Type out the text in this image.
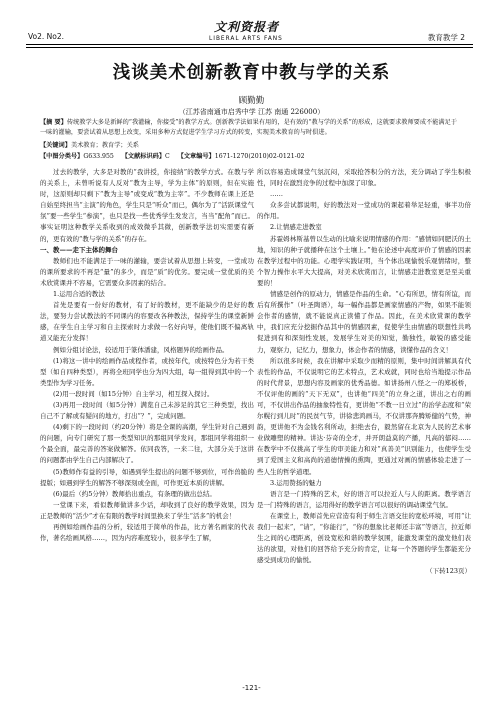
Vo2. No2.
文利资报者
LIBERAL ARTS FANS	教育教学 2
浅谈美术创新教育中教与学的关系
顾勤勤
（江苏省南通市启秀中学 江苏 南通 226000）
【摘 要】传统教学大多是新鲜的“我灌输，你接受”的教学方式。创新教学法如果有用的，是有效的“教与学的关系”的形成，这就要求教师要成不能满足于一味的灌输，要尝试着从思想上改变，采用多种方式促进学生学习方式的转变，实现美术教育的与时俱进。
【关键词】美术教育；教育学；关系
【中图分类号】G633.955 【文献标识码】C 【文章编号】1671-1270(2010)02-0121-02

过去的教学，大多是对教的“我讲授，你接纳”的教学方式。在教与学的关系上，未曾听说有人反对“教为主导，学为主体”的原则，但在实施时，这原则却只剩下“教为主导”或变成“教为主宰”。不少教师在课上还是自始至终担当“主演”的角色，学生只是“听众”而已，偶尔为了“活跃课堂气氛”要一些学生“参演”，也只是找一些优秀学生发发言，当当“配角”而已。事实证明这种教学关系收到的成效微乎其微，创新教学法切实需要有新的，更有效的“教与学的关系”的存在。

一、教——走下主体的舞台

教师们也不能满足于一味的灌输，要尝试着从思想上转变，一堂成功的课所要求的不再是“量”的多少，而是“质”的优劣。要完成一堂优质的美术欣赏课并不容易，它需要众多因素的结合。

1.运用合适的教法

首先是要有一份好的教材，有了好的教材，更不能缺少的是好的教法，要努力尝试教法的不同课内的容要改各种教法，保持学生的课堂新鲜感，在学生自主学习和自主探索时力求做一名好向导，使他们既不偏离轨道又能充分发挥！

例如分组讨论法，较适用于篆体潘建，风格题异的绘画作品。

(1)将这一讲中的绘画作品或程作者，或按年代，或按特色分为若干类型（如自四种类型），再将全班同学也分为四大组，每一组得到其中的一个类型作为学习任务。

(2)用一段时间（如15分钟）自主学习，相互探入探讨。

(3)再用一段时间（如5分钟）满览自己未涉足的其它三种类型，找出自己不了解或有疑问的地方，打出“？”，完成问题。

(4)剩下的一段时间（约20分钟）将是全课的高潮，学生针对自己遇到的问题，向专门研究了那一类型知识的那组同学发问，那组同学将组织一个最全面，最完善的答案做解答。依同我答，一来二往，大部分关于这讲的问题都由学生自己内部解决了。

(5)教师作有益的引导，如遇到学生提出的问题不够到位，可作兽脆的提版；如遇到学生的解答不够深刻或全面，可作更近本质的讲解。

(6)最后（约5分钟）教师拾出重点，有条理的做出总结。

一堂课下来，看似教师做讲多少话，却收到了良好的教学效果，因为正是教师的“活少”才在有限的教学时间里换来了学生“活多”的机会！

再例如绘画作品的分析，较适用于简单的作品，比方著名画家的代表作，著名绘画风格……，因为内容难度较小，很多学生了解，

所以容易造成课堂气氛沉闷，采取抢答积分的方法，充分调动了学生积极性，同时在激烈竞争的过程中加深了印象。

……

众多尝试都说明，好的教法对一堂成功的课起着举足轻重，事半功倍的作用。

2.让情感走进教室

苏霍姆林斯基曾以生动的比喻来说明情感的作用：“感情如同肥沃的土地，知识的种子就播种在这个土壤上。”他在论述中高度评价了情感的因素在教学过程中的功能。心理学实践证明，当个体出现愉悦乐观情绪时，整个智力操作水平大大提高，对美术欣赏而言，让情感走进教室更是至关重要的！

情感是创作的原动力，情感是作品的生命。“心有所思，情有所谊，而后有所撰作”（叶圣陶语），每一幅作品都是画家情感的产物，如果不能领会作者的感情，就不能说真正读懂了作品。因此，在美术欣赏课的教学中，我们应充分挖掘作品其中的情感因素，促使学生由情感的联想性共鸣促进到有和深刻性发展，发展学生对美的知觉，勤独性，敏锐的感受能力，观察力，记忆力，想象力，体会作者的情感，读懂作品的含义！

所以很多时候，我在讲解中采取少而精的原则，集中时间讲解具有代表性的作品，不仅说明它的艺术特点，艺术成就，同时也给当地提示作品的时代背景，思想内容及画家的优秀品德。如讲扬州八怪之一的郑板桥，不仅评他的画的“天下无双”，也讲他“四美”的立身之道，讲出之右的画可，不仅讲出作品的抽象特性有，更讲他“不教一日立过”的治学态度和“荣尔幌行到儿时”的民贫气节，讲徐悲鸿画马，不仅讲那奔腾矫健的气势，神韵，更讲他不为金钱名利所动，拒绝去台，毅然留在北京为人民的艺术事业做雕塑的精神。讲达·芬奇的全才，并开朗益莫的产播，凡高的郁闷……在教学中不仅挑高了学生的审美能力和对“真善美”识别能力，也使学生受到了爱国主义和高尚的道德情操的熏陶，更通过对画的情感体验走进了一些人生的哲学道理。

3.运用赞扬的魅力

语言是一门特殊的艺术，好的语言可以拉近人与人的距离。教学语言是一门特殊的语言，运用得好的教学语言可以很好的调动课堂气氛。

在课堂上，教师首先应营造有利于师生言语交往的宽松环境，可用“让我们一起来”，“请”，“你能行”，“你的想象比老师还丰富”等语言，拉近师生之间的心理距离，创设宽松和谐的教学氛围，能激发课堂的激发他们表达的欲望，对他们的回答给予充分的肯定，让每一个答题的学生都能充分感受到成功的愉悦。

（下转123页）

-121-
